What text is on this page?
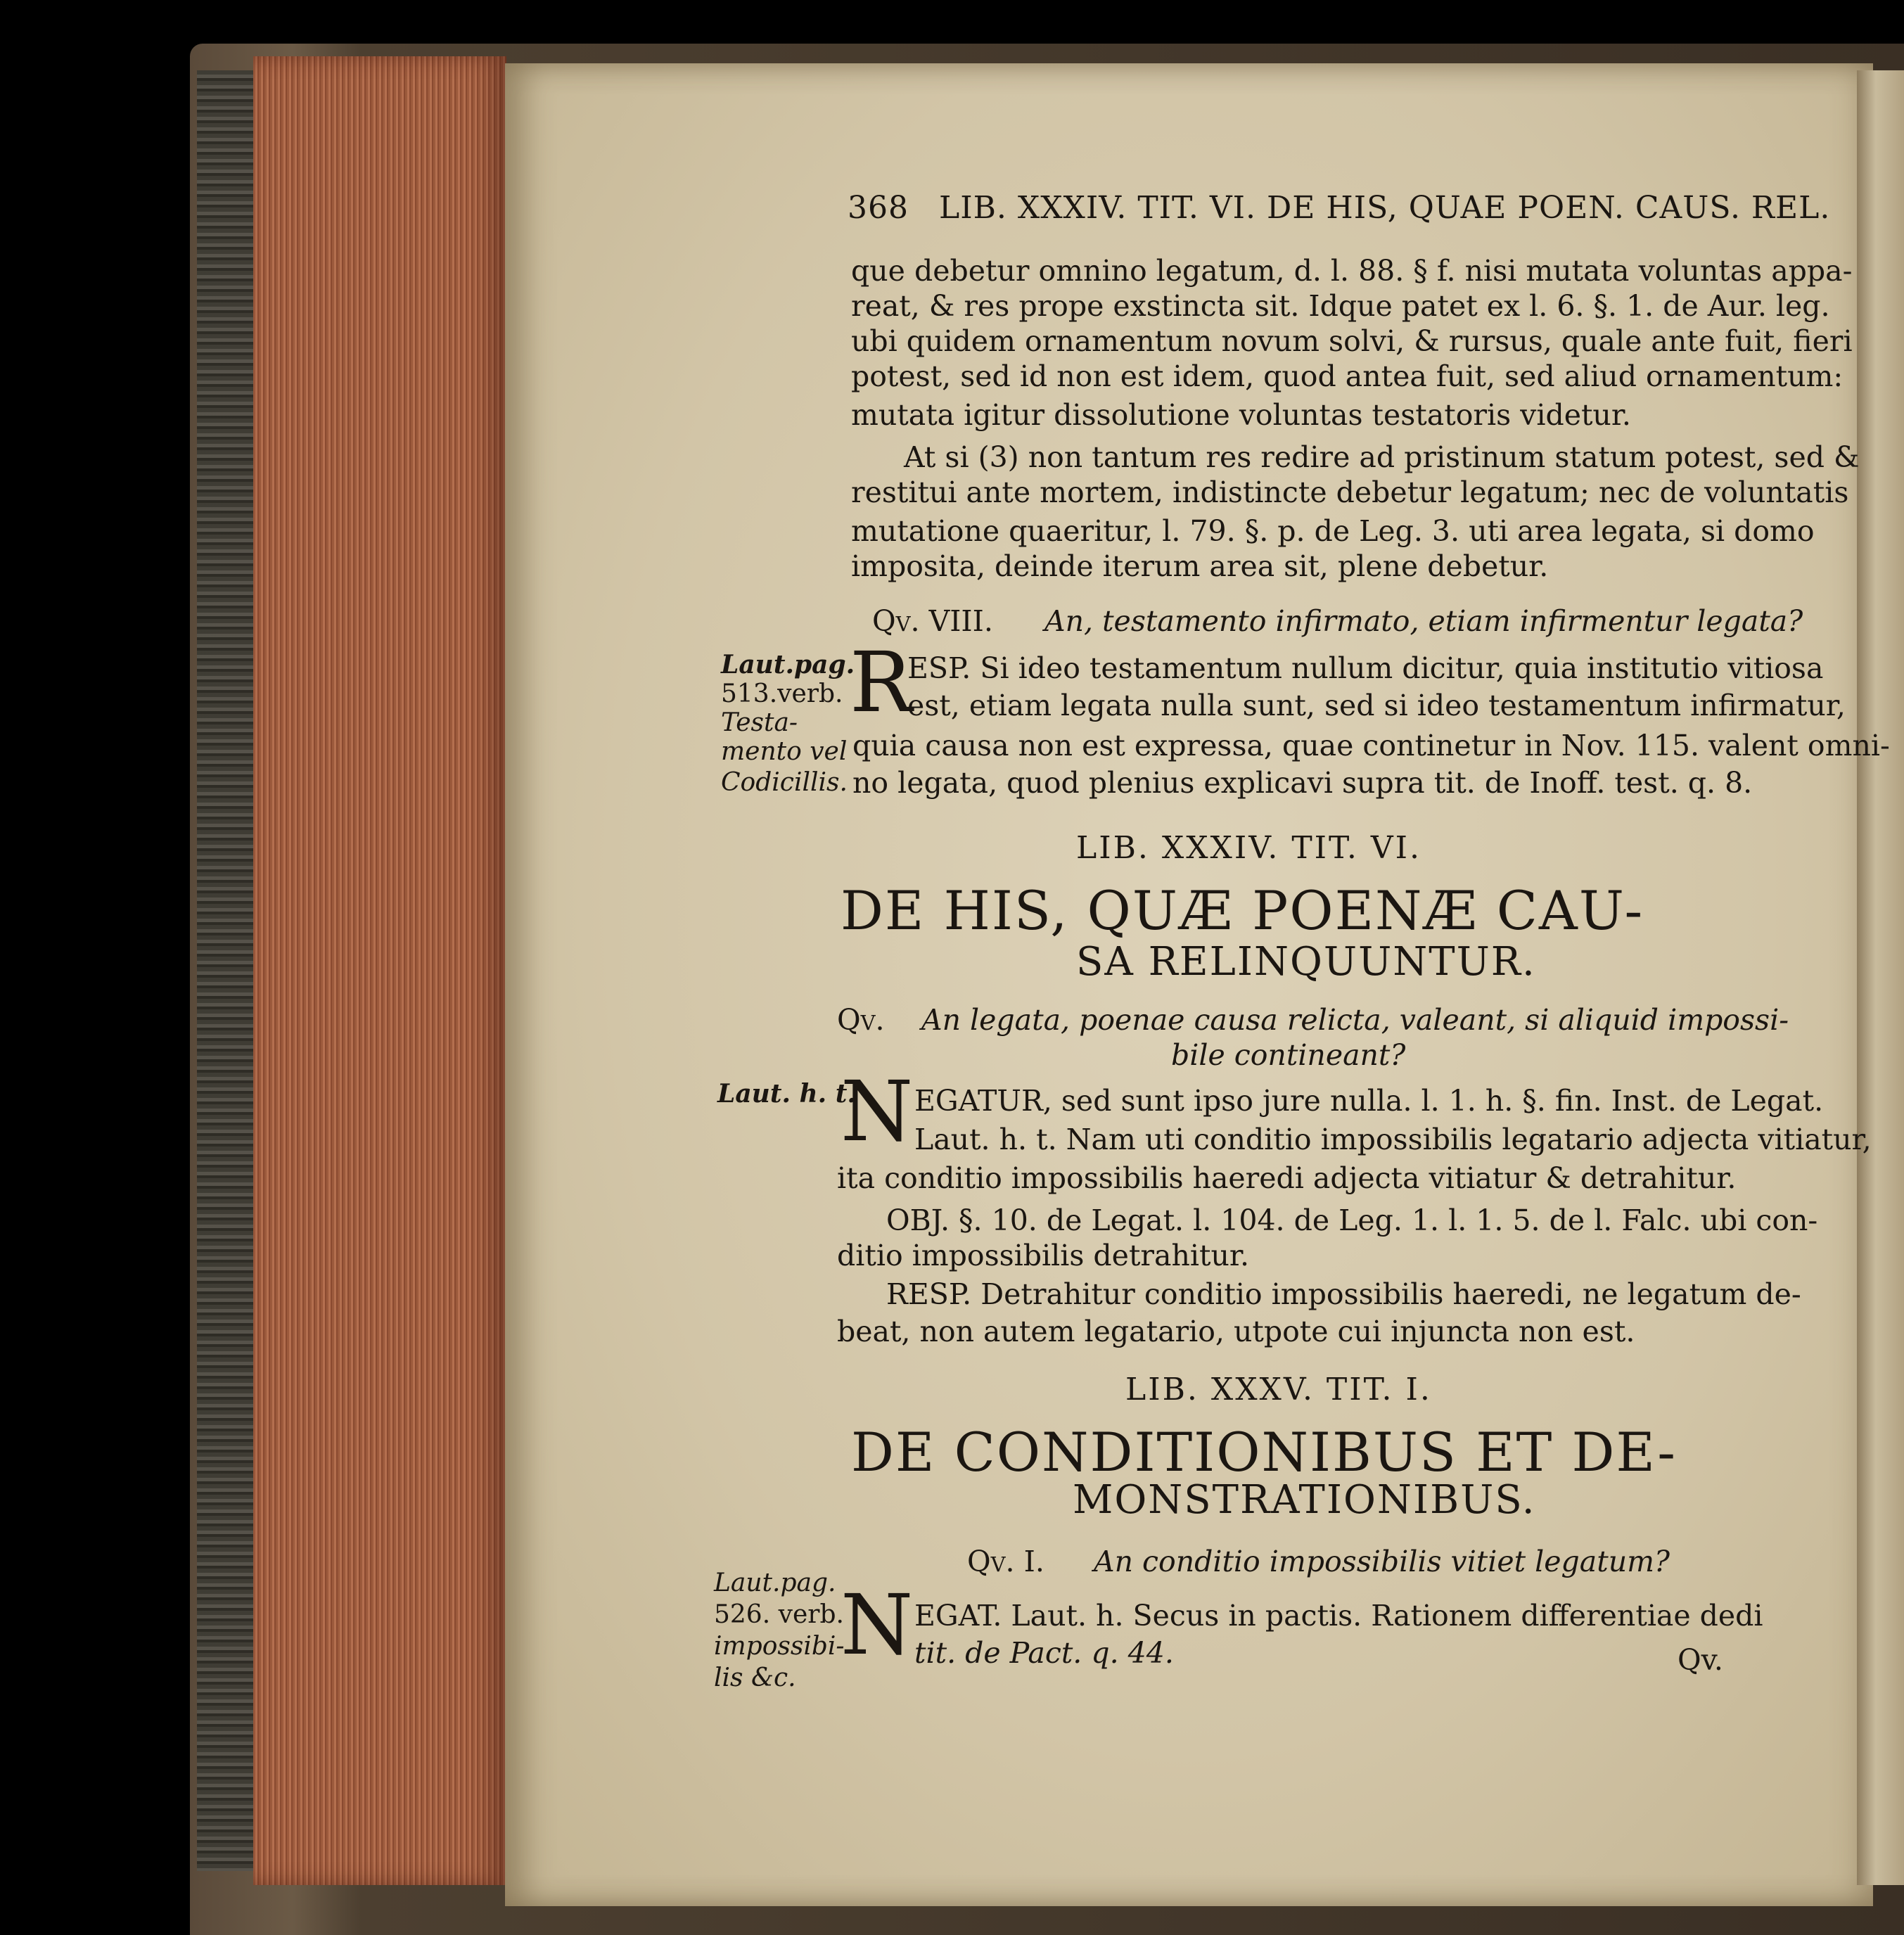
368 LIB. XXXIV. TIT. VI. DE HIS, QUAE POEN. CAUS. REL.
que debetur omnino legatum, d. l. 88. § f. nisi mutata voluntas appa-
reat, & res prope exstincta sit. Idque patet ex l. 6. §. 1. de Aur. leg.
ubi quidem ornamentum novum solvi, & rursus, quale ante fuit, fieri
potest, sed id non est idem, quod antea fuit, sed aliud ornamentum:
mutata igitur dissolutione voluntas testatoris videtur.
At si (3) non tantum res redire ad pristinum statum potest, sed &
restitui ante mortem, indistincte debetur legatum; nec de voluntatis
mutatione quaeritur, l. 79. §. p. de Leg. 3. uti area legata, si domo
imposita, deinde iterum area sit, plene debetur.
Qv. VIII. An, testamento infirmato, etiam infirmentur legata?
Laut.pag.
513.verb.
Testa-
mento vel
Codicillis.
R
ESP. Si ideo testamentum nullum dicitur, quia institutio vitiosa
est, etiam legata nulla sunt, sed si ideo testamentum infirmatur,
quia causa non est expressa, quae continetur in Nov. 115. valent omni-
no legata, quod plenius explicavi supra tit. de Inoff. test. q. 8.
LIB. XXXIV. TIT. VI.
DE HIS, QUÆ POENÆ CAU-
SA RELINQUUNTUR.
Qv. An legata, poenae causa relicta, valeant, si aliquid impossi-
bile contineant?
Laut. h. t.
N EGATUR, sed sunt ipso jure nulla. l. 1. h. §. fin. Inst. de Legat.
Laut. h. t. Nam uti conditio impossibilis legatario adjecta vitiatur,
ita conditio impossibilis haeredi adjecta vitiatur & detrahitur.
OBJ. §. 10. de Legat. l. 104. de Leg. 1. l. 1. 5. de l. Falc. ubi con-
ditio impossibilis detrahitur.
RESP. Detrahitur conditio impossibilis haeredi, ne legatum de-
beat, non autem legatario, utpote cui injuncta non est.
LIB. XXXV. TIT. I.
DE CONDITIONIBUS ET DE-
MONSTRATIONIBUS.
Qv. I. An conditio impossibilis vitiet legatum?
Laut.pag.
526. verb.
impossibi-
lis &c.
N EGAT. Laut. h. Secus in pactis. Rationem differentiae dedi
tit. de Pact. q. 44.	Qv.
